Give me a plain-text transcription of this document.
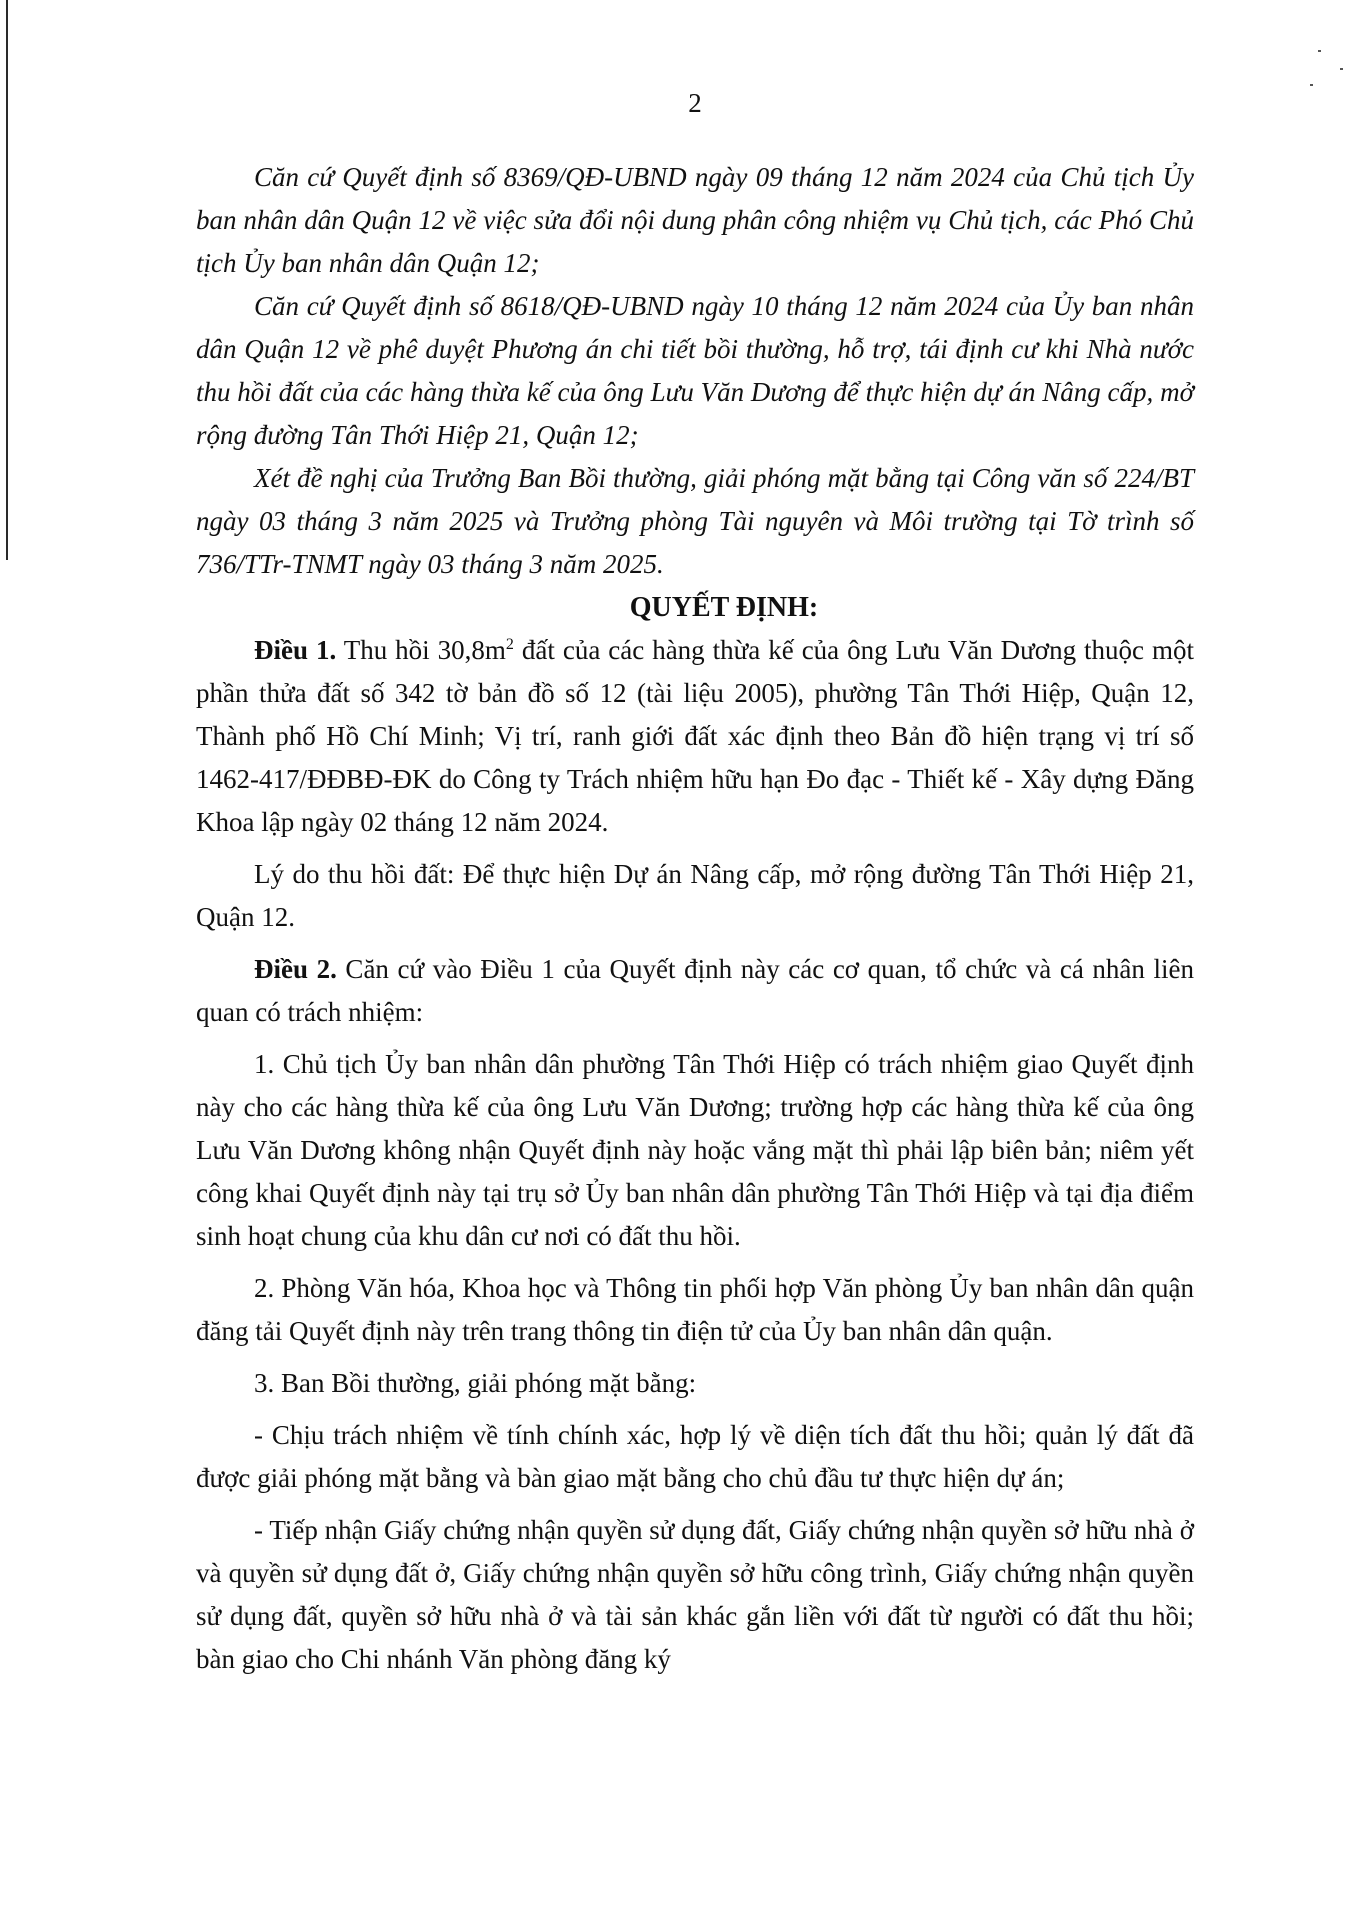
2

Căn cứ Quyết định số 8369/QĐ-UBND ngày 09 tháng 12 năm 2024 của Chủ tịch Ủy ban nhân dân Quận 12 về việc sửa đổi nội dung phân công nhiệm vụ Chủ tịch, các Phó Chủ tịch Ủy ban nhân dân Quận 12;

Căn cứ Quyết định số 8618/QĐ-UBND ngày 10 tháng 12 năm 2024 của Ủy ban nhân dân Quận 12 về phê duyệt Phương án chi tiết bồi thường, hỗ trợ, tái định cư khi Nhà nước thu hồi đất của các hàng thừa kế của ông Lưu Văn Dương để thực hiện dự án Nâng cấp, mở rộng đường Tân Thới Hiệp 21, Quận 12;

Xét đề nghị của Trưởng Ban Bồi thường, giải phóng mặt bằng tại Công văn số 224/BT ngày 03 tháng 3 năm 2025 và Trưởng phòng Tài nguyên và Môi trường tại Tờ trình số 736/TTr-TNMT ngày 03 tháng 3 năm 2025.

QUYẾT ĐỊNH:

Điều 1. Thu hồi $30,8m^2$ đất của các hàng thừa kế của ông Lưu Văn Dương thuộc một phần thửa đất số 342 tờ bản đồ số 12 (tài liệu 2005), phường Tân Thới Hiệp, Quận 12, Thành phố Hồ Chí Minh; Vị trí, ranh giới đất xác định theo Bản đồ hiện trạng vị trí số 1462-417/ĐĐBĐ-ĐK do Công ty Trách nhiệm hữu hạn Đo đạc - Thiết kế - Xây dựng Đăng Khoa lập ngày 02 tháng 12 năm 2024.

Lý do thu hồi đất: Để thực hiện Dự án Nâng cấp, mở rộng đường Tân Thới Hiệp 21, Quận 12.

Điều 2. Căn cứ vào Điều 1 của Quyết định này các cơ quan, tổ chức và cá nhân liên quan có trách nhiệm:

1. Chủ tịch Ủy ban nhân dân phường Tân Thới Hiệp có trách nhiệm giao Quyết định này cho các hàng thừa kế của ông Lưu Văn Dương; trường hợp các hàng thừa kế của ông Lưu Văn Dương không nhận Quyết định này hoặc vắng mặt thì phải lập biên bản; niêm yết công khai Quyết định này tại trụ sở Ủy ban nhân dân phường Tân Thới Hiệp và tại địa điểm sinh hoạt chung của khu dân cư nơi có đất thu hồi.

2. Phòng Văn hóa, Khoa học và Thông tin phối hợp Văn phòng Ủy ban nhân dân quận đăng tải Quyết định này trên trang thông tin điện tử của Ủy ban nhân dân quận.

3. Ban Bồi thường, giải phóng mặt bằng:

- Chịu trách nhiệm về tính chính xác, hợp lý về diện tích đất thu hồi; quản lý đất đã được giải phóng mặt bằng và bàn giao mặt bằng cho chủ đầu tư thực hiện dự án;

- Tiếp nhận Giấy chứng nhận quyền sử dụng đất, Giấy chứng nhận quyền sở hữu nhà ở và quyền sử dụng đất ở, Giấy chứng nhận quyền sở hữu công trình, Giấy chứng nhận quyền sử dụng đất, quyền sở hữu nhà ở và tài sản khác gắn liền với đất từ người có đất thu hồi; bàn giao cho Chi nhánh Văn phòng đăng ký
